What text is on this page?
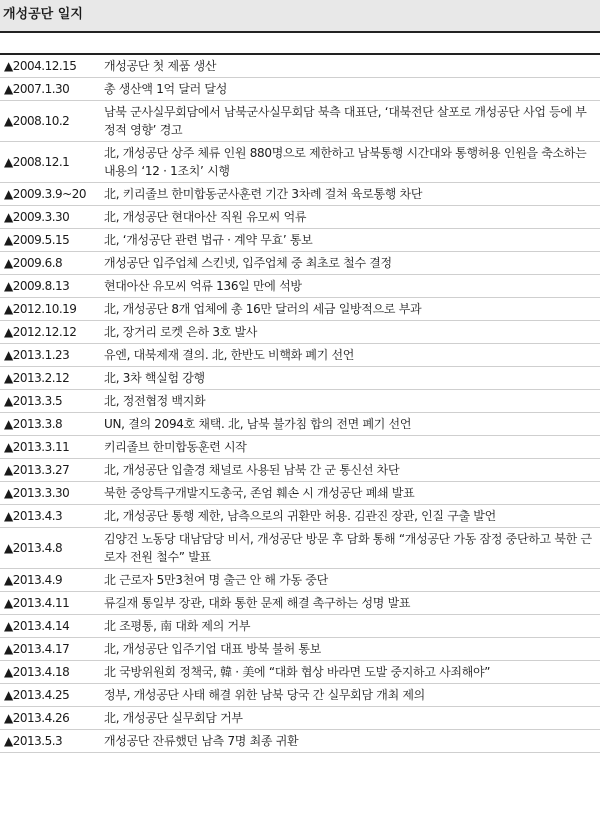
개성공단 일지
▲2004.12.15	개성공단 첫 제품 생산
▲2007.1.30	총 생산액 1억 달러 달성
▲2008.10.2
남북 군사실무회담에서 남북군사실무회담 북측 대표단, ‘대북전단 살포로 개성공단 사업 등에 부정적 영향’ 경고
▲2008.12.1
北, 개성공단 상주 체류 인원 880명으로 제한하고 남북통행 시간대와 통행허용 인원을 축소하는 내용의 ‘12 · 1조치’ 시행
▲2009.3.9~20	北, 키리졸브 한미합동군사훈련 기간 3차례 걸쳐 육로통행 차단
▲2009.3.30	北, 개성공단 현대아산 직원 유모씨 억류
▲2009.5.15	北, ‘개성공단 관련 법규 · 계약 무효’ 통보
▲2009.6.8	개성공단 입주업체 스킨넷, 입주업체 중 최초로 철수 결정
▲2009.8.13	현대아산 유모씨 억류 136일 만에 석방
▲2012.10.19	北, 개성공단 8개 업체에 총 16만 달러의 세금 일방적으로 부과
▲2012.12.12	北, 장거리 로켓 은하 3호 발사
▲2013.1.23	유엔, 대북제재 결의. 北, 한반도 비핵화 폐기 선언
▲2013.2.12	北, 3차 핵실험 강행
▲2013.3.5	北, 정전협정 백지화
▲2013.3.8	UN, 결의 2094호 채택. 北, 남북 불가침 합의 전면 폐기 선언
▲2013.3.11	키리졸브 한미합동훈련 시작
▲2013.3.27	北, 개성공단 입출경 채널로 사용된 남북 간 군 통신선 차단
▲2013.3.30	북한 중앙특구개발지도총국, 존엄 훼손 시 개성공단 폐쇄 발표
▲2013.4.3	北, 개성공단 통행 제한, 남측으로의 귀환만 허용. 김관진 장관, 인질 구출 발언
▲2013.4.8
김양건 노동당 대남담당 비서, 개성공단 방문 후 담화 통해 “개성공단 가동 잠정 중단하고 북한 근로자 전원 철수” 발표
▲2013.4.9	北 근로자 5만3천여 명 출근 안 해 가동 중단
▲2013.4.11	류길재 통일부 장관, 대화 통한 문제 해결 촉구하는 성명 발표
▲2013.4.14	北 조평통, 南 대화 제의 거부
▲2013.4.17	北, 개성공단 입주기업 대표 방북 불허 통보
▲2013.4.18	北 국방위원회 정책국, 韓 · 美에 “대화 협상 바라면 도발 중지하고 사죄해야”
▲2013.4.25	정부, 개성공단 사태 해결 위한 남북 당국 간 실무회담 개최 제의
▲2013.4.26	北, 개성공단 실무회담 거부
▲2013.5.3	개성공단 잔류했던 남측 7명 최종 귀환
